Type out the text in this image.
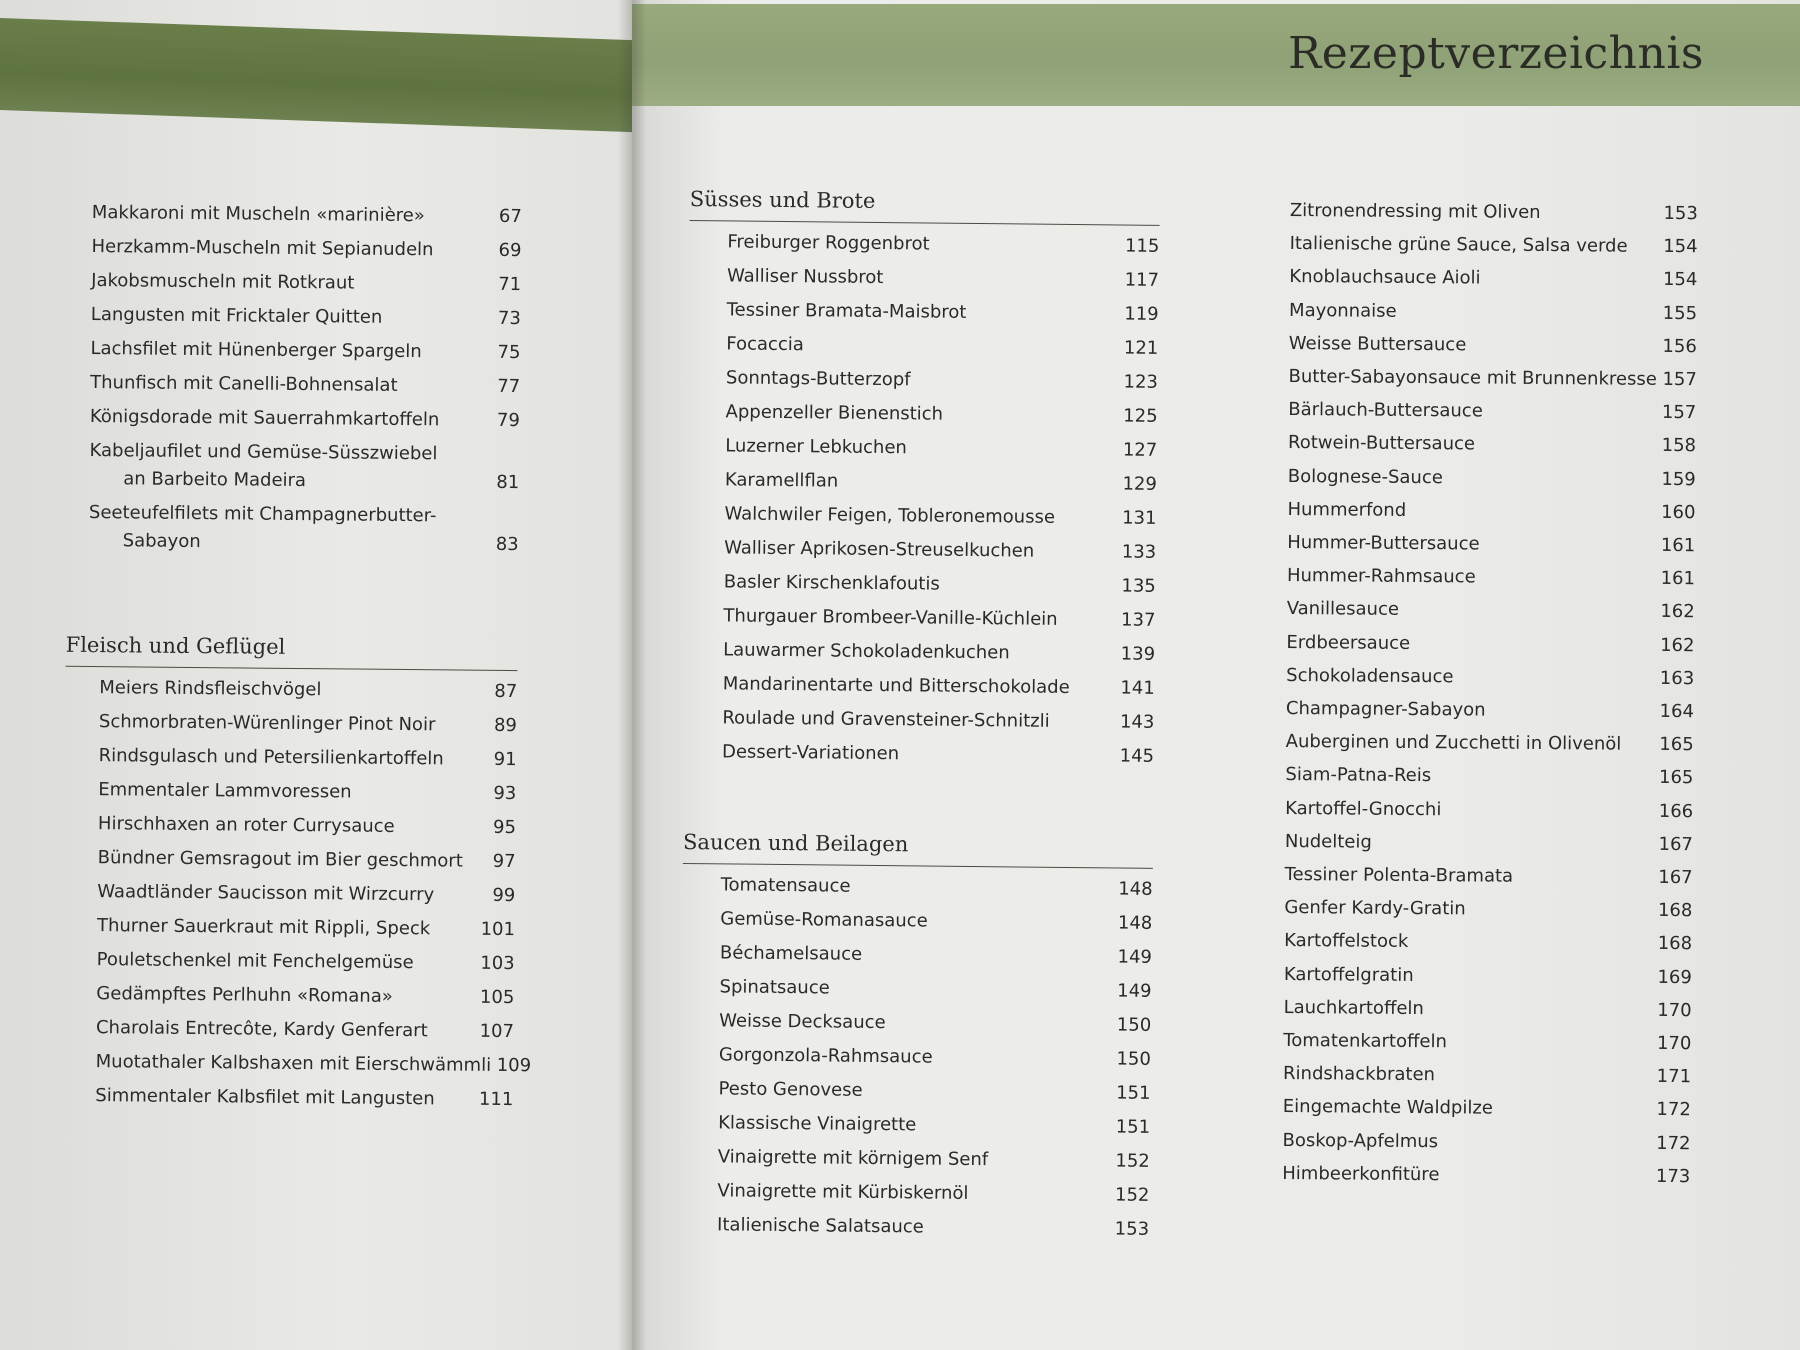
Makkaroni mit Muscheln «marinière»	67
Herzkamm-Muscheln mit Sepianudeln	69
Jakobsmuscheln mit Rotkraut	71
Langusten mit Fricktaler Quitten	73
Lachsfilet mit Hünenberger Spargeln	75
Thunfisch mit Canelli-Bohnensalat	77
Königsdorade mit Sauerrahmkartoffeln	79
Kabeljaufilet und Gemüse-Süsszwiebel
an Barbeito Madeira	81
Seeteufelfilets mit Champagnerbutter-
Sabayon	83
Fleisch und Geflügel
Meiers Rindsfleischvögel	87
Schmorbraten-Würenlinger Pinot Noir	89
Rindsgulasch und Petersilienkartoffeln	91
Emmentaler Lammvoressen	93
Hirschhaxen an roter Currysauce	95
Bündner Gemsragout im Bier geschmort	97
Waadtländer Saucisson mit Wirzcurry	99
Thurner Sauerkraut mit Rippli, Speck	101
Pouletschenkel mit Fenchelgemüse	103
Gedämpftes Perlhuhn «Romana»	105
Charolais Entrecôte, Kardy Genferart	107
Muotathaler Kalbshaxen mit Eierschwämmli 109
Simmentaler Kalbsfilet mit Langusten	111
Rezeptverzeichnis
Süsses und Brote
Freiburger Roggenbrot	115
Walliser Nussbrot	117
Tessiner Bramata-Maisbrot	119
Focaccia	121
Sonntags-Butterzopf	123
Appenzeller Bienenstich	125
Luzerner Lebkuchen	127
Karamellflan	129
Walchwiler Feigen, Tobleronemousse	131
Walliser Aprikosen-Streuselkuchen	133
Basler Kirschenklafoutis	135
Thurgauer Brombeer-Vanille-Küchlein	137
Lauwarmer Schokoladenkuchen	139
Mandarinentarte und Bitterschokolade	141
Roulade und Gravensteiner-Schnitzli	143
Dessert-Variationen	145
Saucen und Beilagen
Tomatensauce	148
Gemüse-Romanasauce	148
Béchamelsauce	149
Spinatsauce	149
Weisse Decksauce	150
Gorgonzola-Rahmsauce	150
Pesto Genovese	151
Klassische Vinaigrette	151
Vinaigrette mit körnigem Senf	152
Vinaigrette mit Kürbiskernöl	152
Italienische Salatsauce	153
Zitronendressing mit Oliven	153
Italienische grüne Sauce, Salsa verde	154
Knoblauchsauce Aioli	154
Mayonnaise	155
Weisse Buttersauce	156
Butter-Sabayonsauce mit Brunnenkresse 157
Bärlauch-Buttersauce	157
Rotwein-Buttersauce	158
Bolognese-Sauce	159
Hummerfond	160
Hummer-Buttersauce	161
Hummer-Rahmsauce	161
Vanillesauce	162
Erdbeersauce	162
Schokoladensauce	163
Champagner-Sabayon	164
Auberginen und Zucchetti in Olivenöl	165
Siam-Patna-Reis	165
Kartoffel-Gnocchi	166
Nudelteig	167
Tessiner Polenta-Bramata	167
Genfer Kardy-Gratin	168
Kartoffelstock	168
Kartoffelgratin	169
Lauchkartoffeln	170
Tomatenkartoffeln	170
Rindshackbraten	171
Eingemachte Waldpilze	172
Boskop-Apfelmus	172
Himbeerkonfitüre	173
